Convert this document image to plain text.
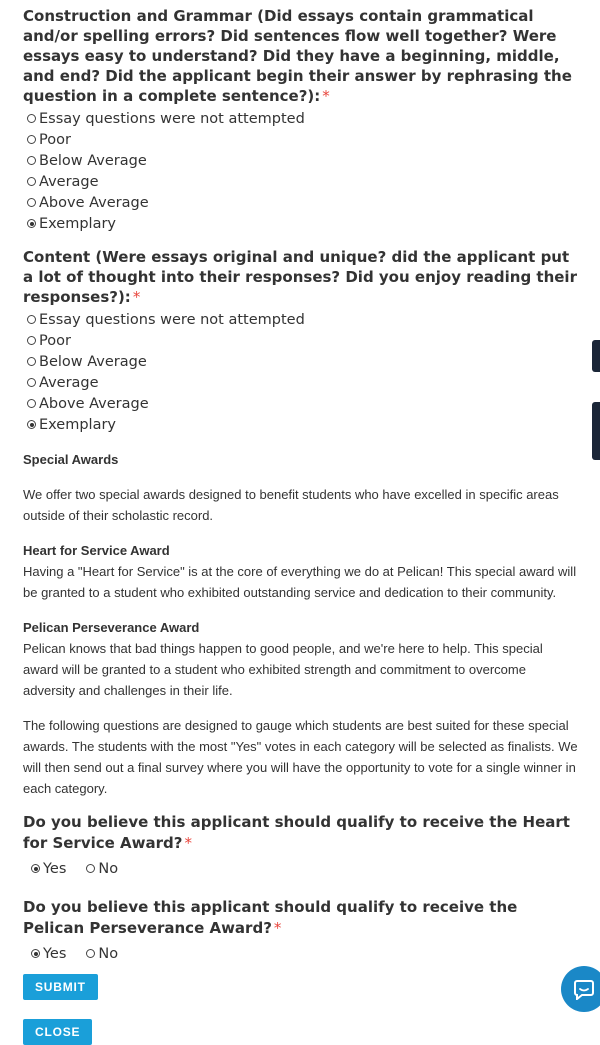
Construction and Grammar (Did essays contain grammatical and/or spelling errors? Did sentences flow well together? Were essays easy to understand? Did they have a beginning, middle, and end? Did the applicant begin their answer by rephrasing the question in a complete sentence?): *
Essay questions were not attempted
Poor
Below Average
Average
Above Average
Exemplary
Content (Were essays original and unique? did the applicant put a lot of thought into their responses? Did you enjoy reading their responses?): *
Essay questions were not attempted
Poor
Below Average
Average
Above Average
Exemplary
Special Awards

We offer two special awards designed to benefit students who have excelled in specific areas outside of their scholastic record.

Heart for Service Award

Having a "Heart for Service" is at the core of everything we do at Pelican! This special award will be granted to a student who exhibited outstanding service and dedication to their community.

Pelican Perseverance Award

Pelican knows that bad things happen to good people, and we're here to help. This special award will be granted to a student who exhibited strength and commitment to overcome adversity and challenges in their life.

The following questions are designed to gauge which students are best suited for these special awards. The students with the most "Yes" votes in each category will be selected as finalists. We will then send out a final survey where you will have the opportunity to vote for a single winner in each category.

Do you believe this applicant should qualify to receive the Heart for Service Award? *
Yes No
Do you believe this applicant should qualify to receive the Pelican Perseverance Award? *
Yes No
SUBMIT
CLOSE
